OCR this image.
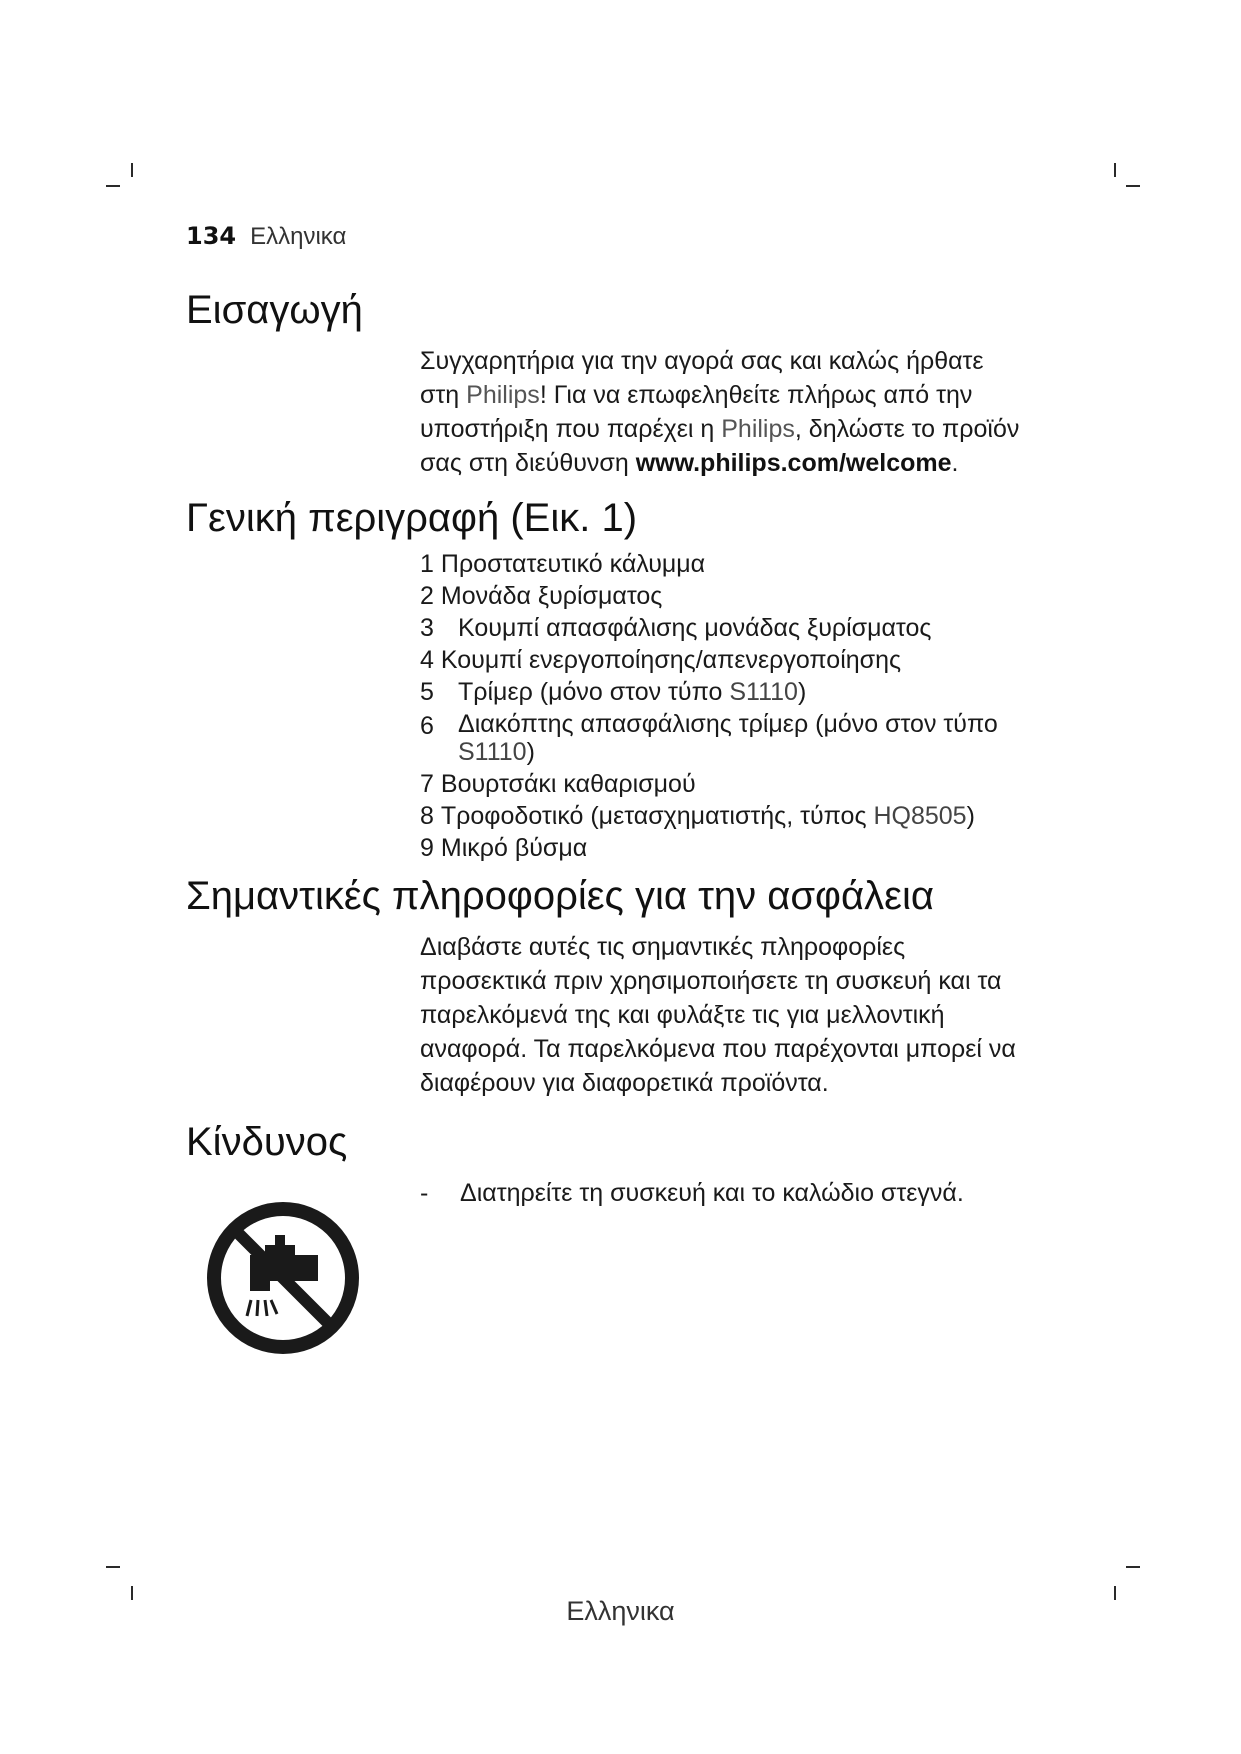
134 Ελληνικα
Εισαγωγή
Συγχαρητήρια για την αγορά σας και καλώς ήρθατε
στη Philips! Για να επωφεληθείτε πλήρως από την
υποστήριξη που παρέχει η Philips, δηλώστε το προϊόν
σας στη διεύθυνση www.philips.com/welcome.
Γενική περιγραφή (Εικ. 1)
1 Προστατευτικό κάλυμμα
2 Μονάδα ξυρίσματος
3 Κουμπί απασφάλισης μονάδας ξυρίσματος
4 Κουμπί ενεργοποίησης/απενεργοποίησης
5 Τρίμερ (μόνο στον τύπο S1110)
6 Διακόπτης απασφάλισης τρίμερ (μόνο στον τύπο S1110)
7 Βουρτσάκι καθαρισμού
8 Τροφοδοτικό (μετασχηματιστής, τύπος HQ8505)
9 Μικρό βύσμα
Σημαντικές πληροφορίες για την ασφάλεια
Διαβάστε αυτές τις σημαντικές πληροφορίες
προσεκτικά πριν χρησιμοποιήσετε τη συσκευή και τα
παρελκόμενά της και φυλάξτε τις για μελλοντική
αναφορά. Τα παρελκόμενα που παρέχονται μπορεί να
διαφέρουν για διαφορετικά προϊόντα.
Κίνδυνος
-	Διατηρείτε τη συσκευή και το καλώδιο στεγνά.
Ελληνικα
